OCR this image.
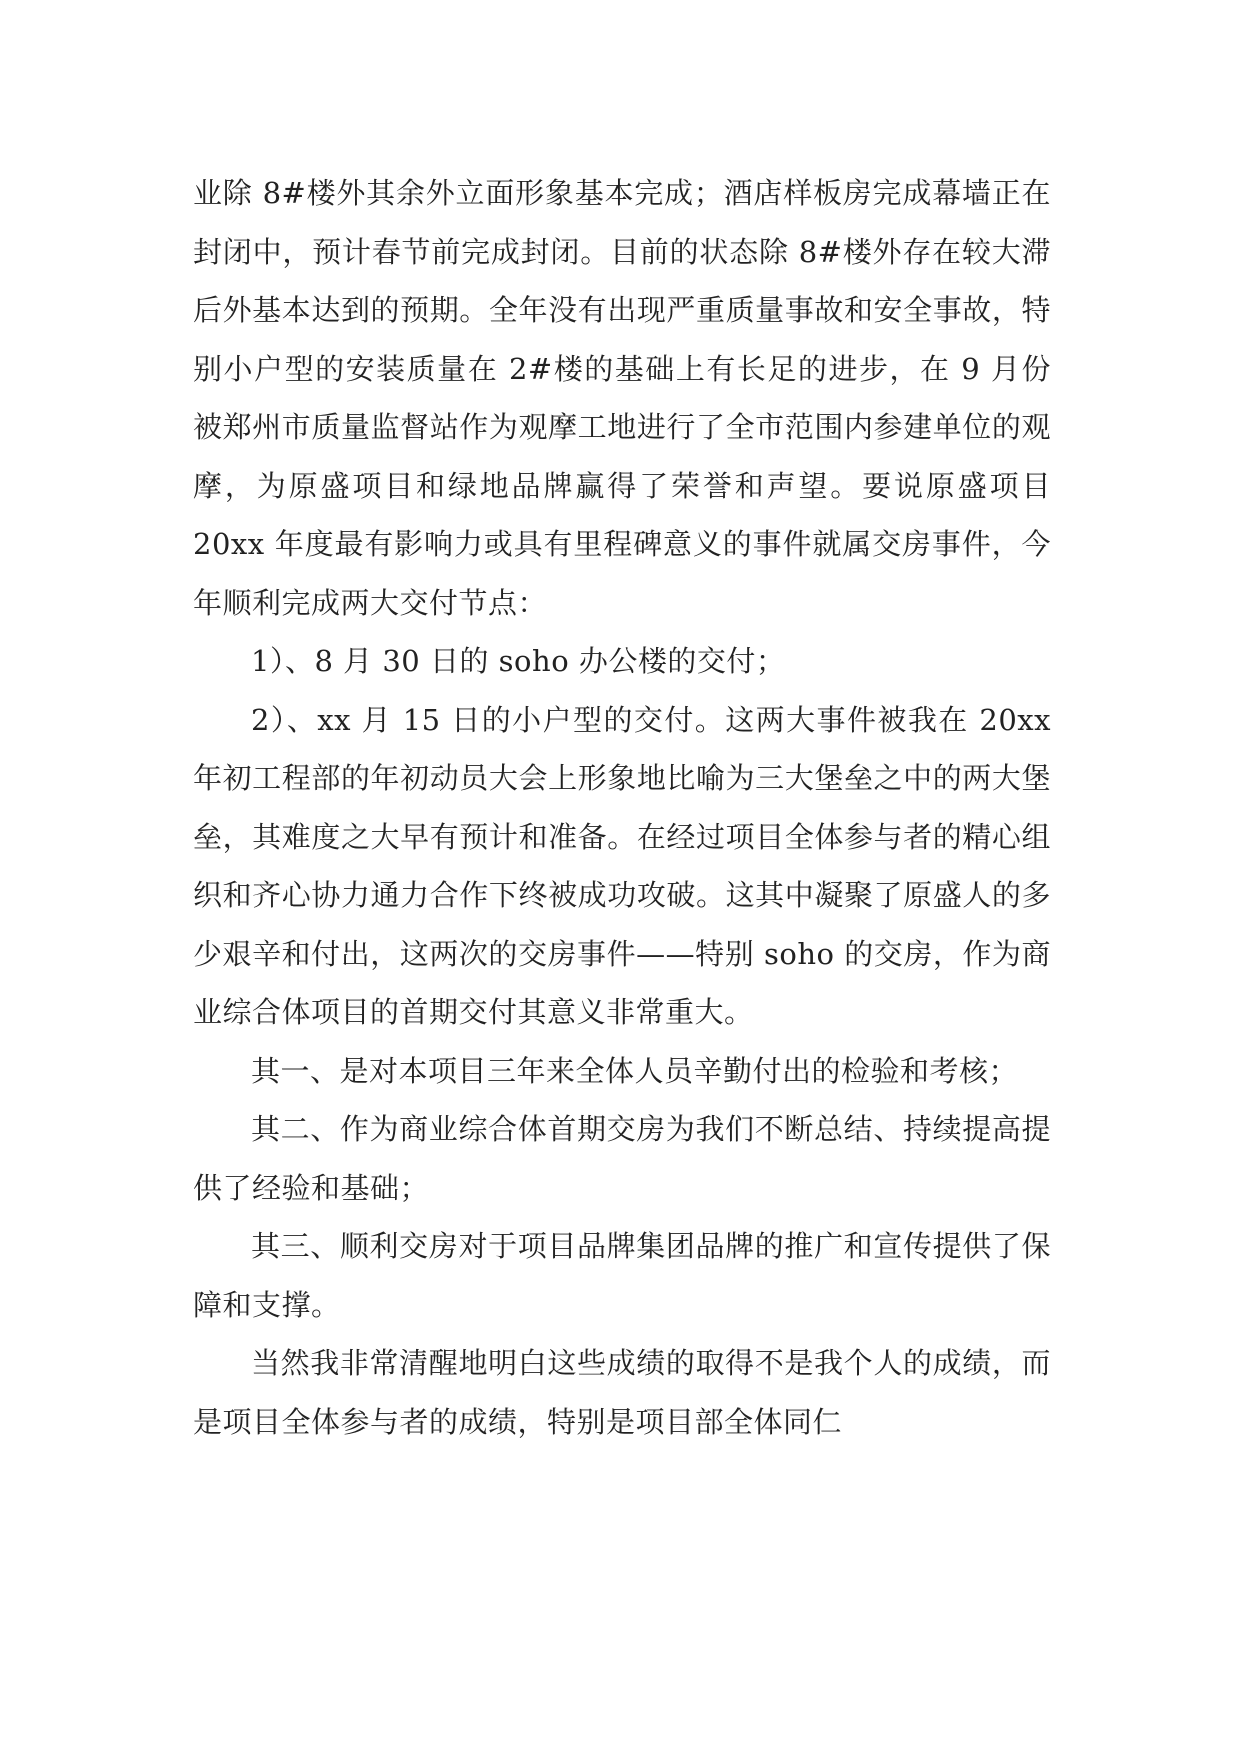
业除 8#楼外其余外立面形象基本完成；酒店样板房完成幕墙正在封闭中，预计春节前完成封闭。目前的状态除 8#楼外存在较大滞后外基本达到的预期。全年没有出现严重质量事故和安全事故，特别小户型的安装质量在 2#楼的基础上有长足的进步，在 9 月份被郑州市质量监督站作为观摩工地进行了全市范围内参建单位的观摩，为原盛项目和绿地品牌赢得了荣誉和声望。要说原盛项目 20xx 年度最有影响力或具有里程碑意义的事件就属交房事件，今年顺利完成两大交付节点：

1）、8 月 30 日的 soho 办公楼的交付；

2）、xx 月 15 日的小户型的交付。这两大事件被我在 20xx 年初工程部的年初动员大会上形象地比喻为三大堡垒之中的两大堡垒，其难度之大早有预计和准备。在经过项目全体参与者的精心组织和齐心协力通力合作下终被成功攻破。这其中凝聚了原盛人的多少艰辛和付出，这两次的交房事件——特别 soho 的交房，作为商业综合体项目的首期交付其意义非常重大。

其一、是对本项目三年来全体人员辛勤付出的检验和考核；

其二、作为商业综合体首期交房为我们不断总结、持续提高提供了经验和基础；

其三、顺利交房对于项目品牌集团品牌的推广和宣传提供了保障和支撑。

当然我非常清醒地明白这些成绩的取得不是我个人的成绩，而是项目全体参与者的成绩，特别是项目部全体同仁
